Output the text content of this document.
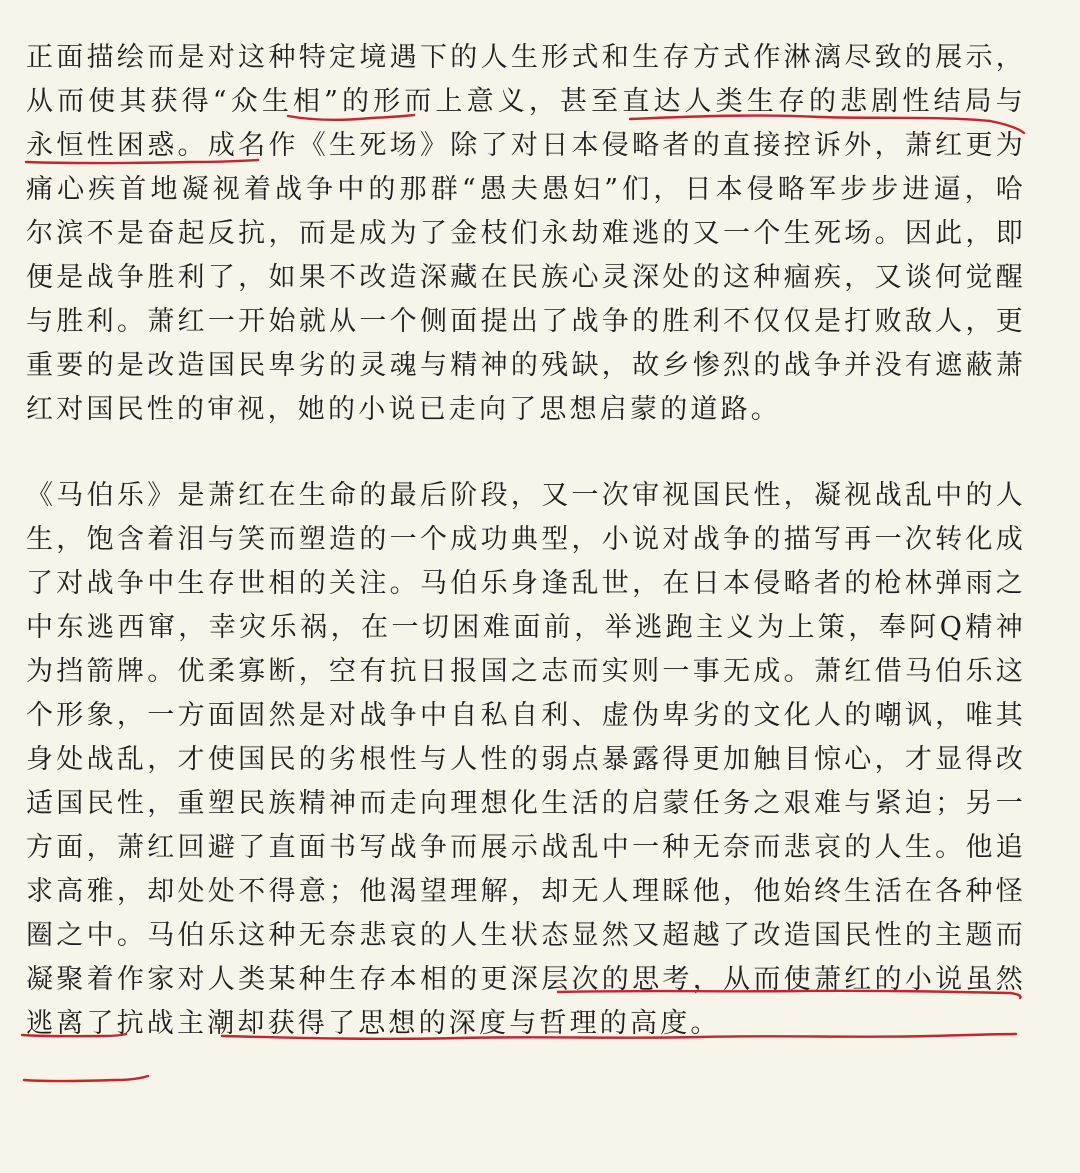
正面描绘而是对这种特定境遇下的人生形式和生存方式作淋漓尽致的展示，从而使其获得“众生相”的形而上意义，甚至直达人类生存的悲剧性结局与永恒性困惑。成名作《生死场》除了对日本侵略者的直接控诉外，萧红更为痛心疾首地凝视着战争中的那群“愚夫愚妇”们，日本侵略军步步进逼，哈尔滨不是奋起反抗，而是成为了金枝们永劫难逃的又一个生死场。因此，即便是战争胜利了，如果不改造深藏在民族心灵深处的这种痼疾，又谈何觉醒与胜利。萧红一开始就从一个侧面提出了战争的胜利不仅仅是打败敌人，更重要的是改造国民卑劣的灵魂与精神的残缺，故乡惨烈的战争并没有遮蔽萧红对国民性的审视，她的小说已走向了思想启蒙的道路。

《马伯乐》是萧红在生命的最后阶段，又一次审视国民性，凝视战乱中的人生，饱含着泪与笑而塑造的一个成功典型，小说对战争的描写再一次转化成了对战争中生存世相的关注。马伯乐身逢乱世，在日本侵略者的枪林弹雨之中东逃西窜，幸灾乐祸，在一切困难面前，举逃跑主义为上策，奉阿Q精神为挡箭牌。优柔寡断，空有抗日报国之志而实则一事无成。萧红借马伯乐这个形象，一方面固然是对战争中自私自利、虚伪卑劣的文化人的嘲讽，唯其身处战乱，才使国民的劣根性与人性的弱点暴露得更加触目惊心，才显得改适国民性，重塑民族精神而走向理想化生活的启蒙任务之艰难与紧迫；另一方面，萧红回避了直面书写战争而展示战乱中一种无奈而悲哀的人生。他追求高雅，却处处不得意；他渴望理解，却无人理睬他，他始终生活在各种怪圈之中。马伯乐这种无奈悲哀的人生状态显然又超越了改造国民性的主题而凝聚着作家对人类某种生存本相的更深层次的思考，从而使萧红的小说虽然逃离了抗战主潮却获得了思想的深度与哲理的高度。
